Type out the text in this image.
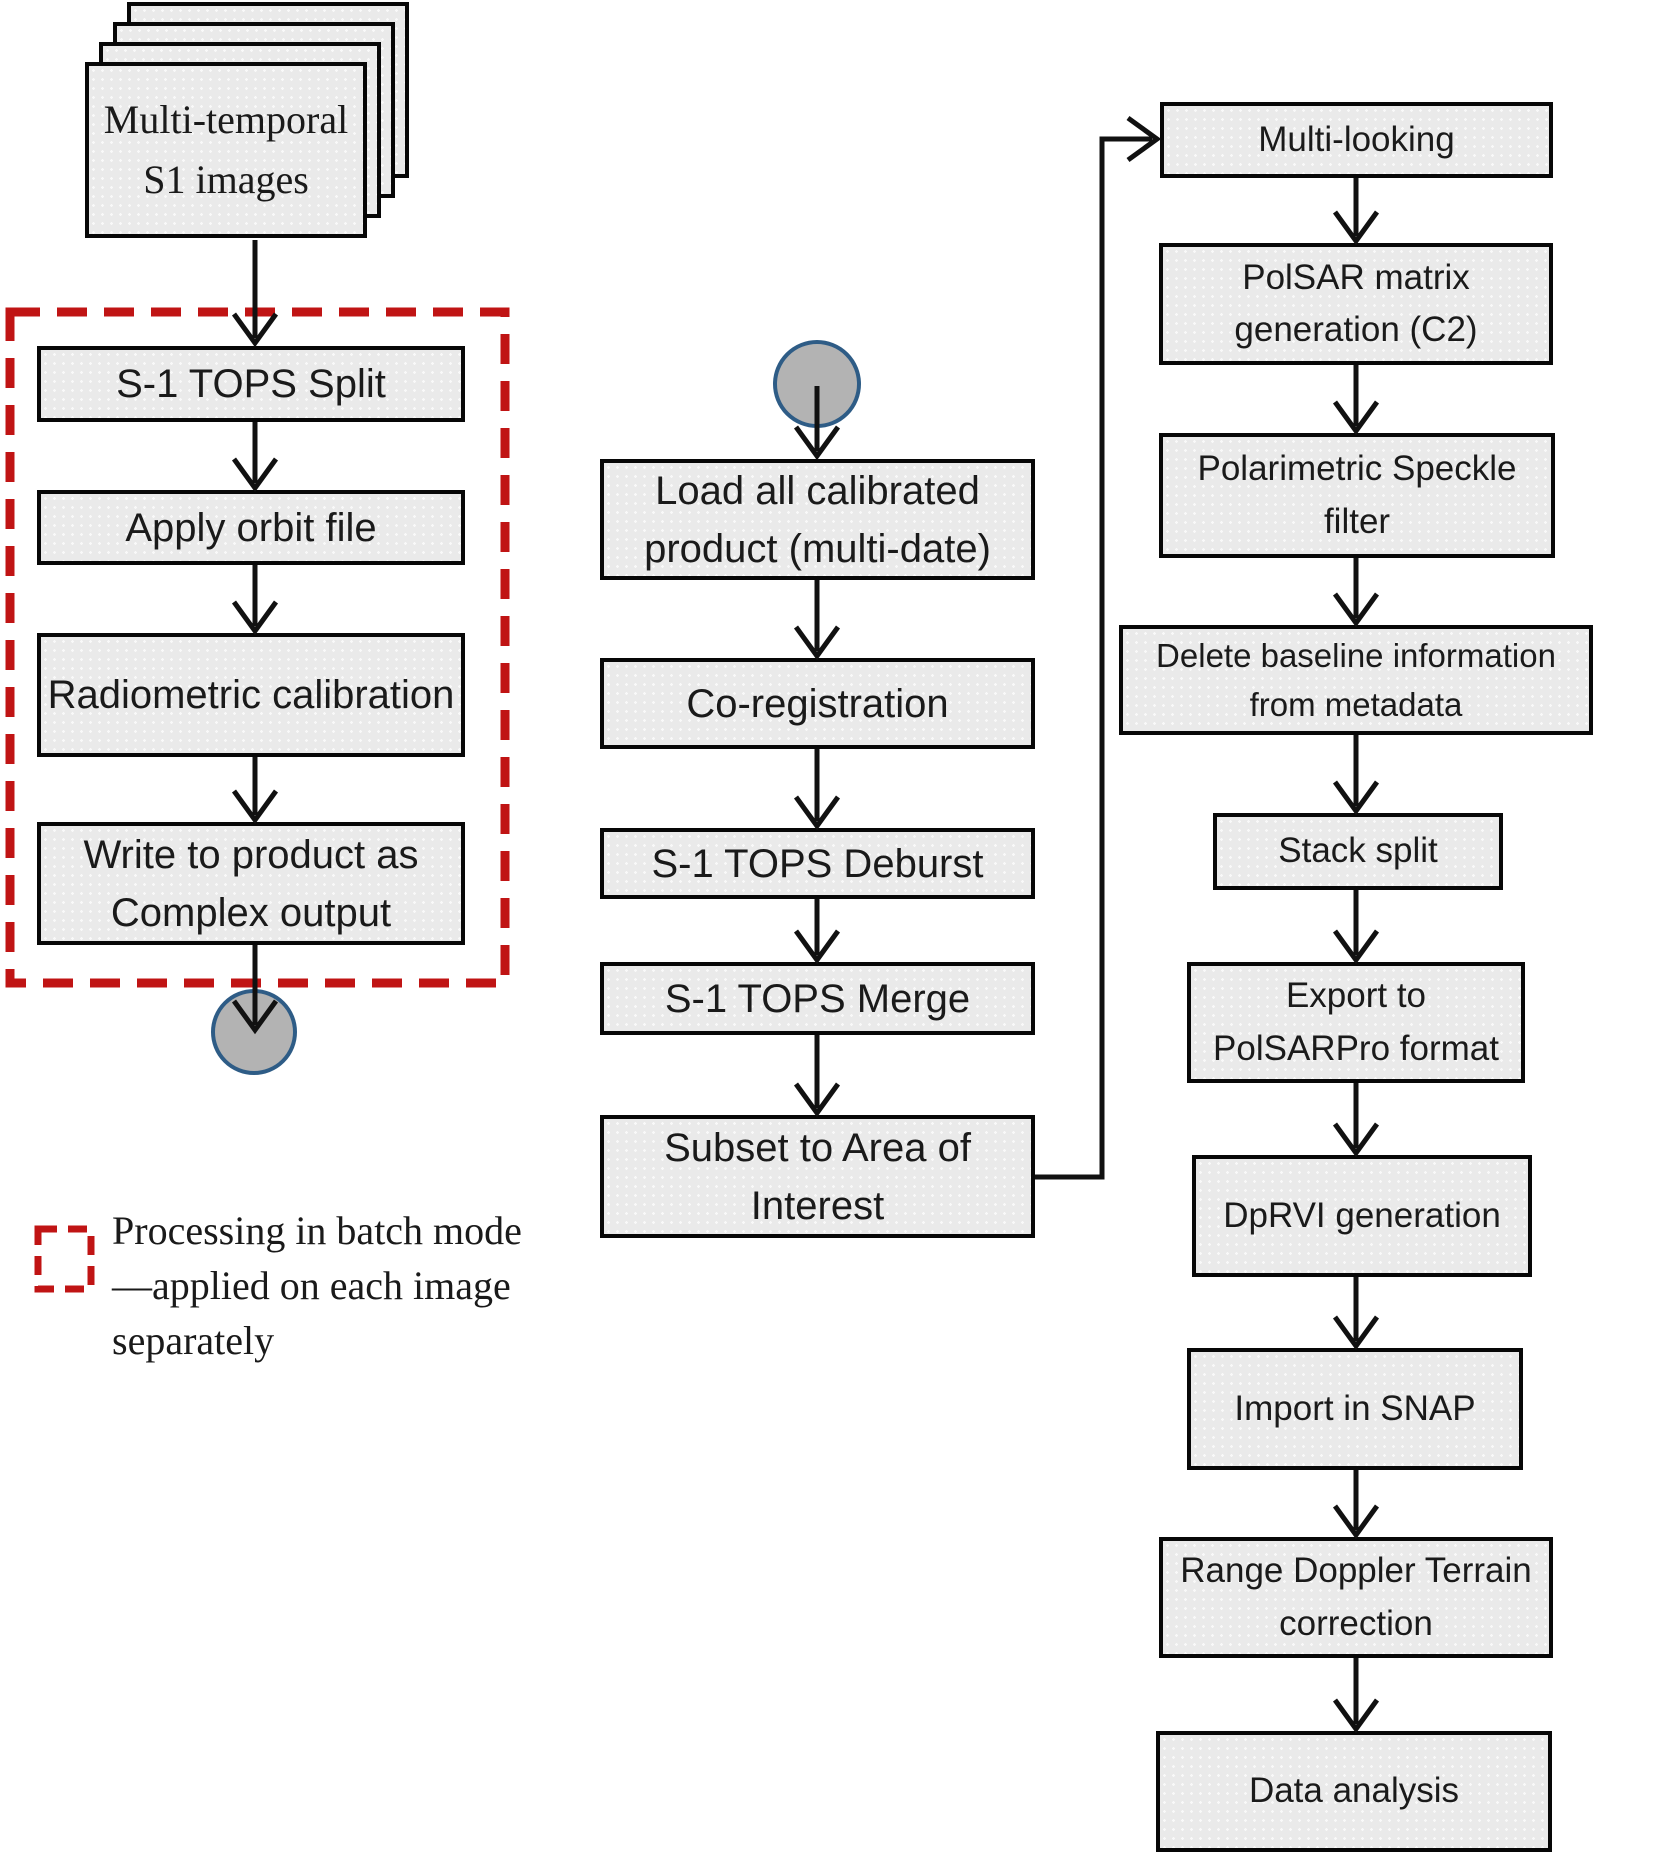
Multi-temporal S1 images
S-1 TOPS Split
Apply orbit file
Radiometric calibration
Write to product as Complex output
Load all calibrated product (multi-date)
Co-registration
S-1 TOPS Deburst
S-1 TOPS Merge
Subset to Area of Interest
Multi-looking
PolSAR matrix generation (C2)
Polarimetric Speckle filter
Delete baseline information from metadata
Stack split
Export to PolSARPro format
DpRVI generation
Import in SNAP
Range Doppler Terrain correction
Data analysis
Processing in batch mode—applied on each image separately
